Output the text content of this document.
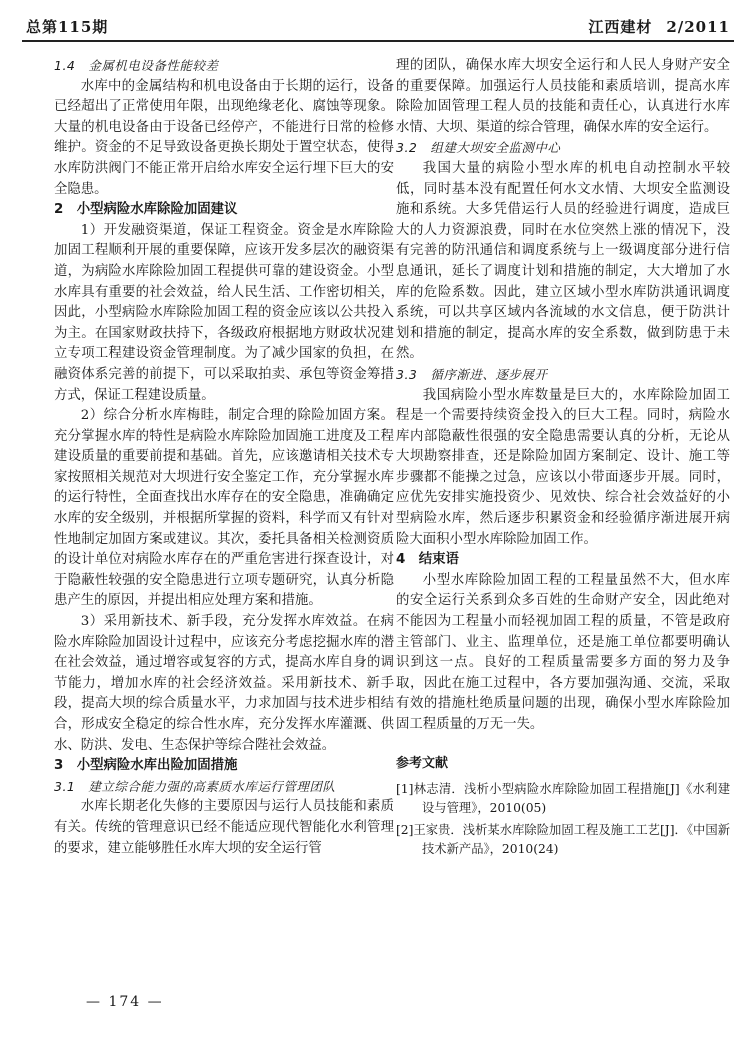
总第115期	江西建材 2/2011
1.4　金属机电设备性能较差

水库中的金属结构和机电设备由于长期的运行，设备已经超出了正常使用年限，出现绝缘老化、腐蚀等现象。大量的机电设备由于设备已经停产，不能进行日常的检修维护。资金的不足导致设备更换长期处于置空状态，使得水库防洪阀门不能正常开启给水库安全运行埋下巨大的安全隐患。

2　小型病险水库除险加固建议

1）开发融资渠道，保证工程资金。资金是水库除险加固工程顺利开展的重要保障，应该开发多层次的融资渠道，为病险水库除险加固工程提供可靠的建设资金。小型水库具有重要的社会效益，给人民生活、工作密切相关，因此，小型病险水库除险加固工程的资金应该以公共投入为主。在国家财政扶持下，各级政府根据地方财政状况建立专项工程建设资金管理制度。为了减少国家的负担，在融资体系完善的前提下，可以采取拍卖、承包等资金筹措方式，保证工程建设质量。

2）综合分析水库梅眭，制定合理的除险加固方案。充分掌握水库的特性是病险水库除险加固施工进度及工程建设质量的重要前提和基础。首先，应该邀请相关技术专家按照相关规范对大坝进行安全鉴定工作，充分掌握水库的运行特性，全面查找出水库存在的安全隐患，准确确定水库的安全级别，并根据所掌握的资料，科学而又有针对性地制定加固方案或建议。其次，委托具备相关检测资质的设计单位对病险水库存在的严重危害进行探查设计，对于隐蔽性较强的安全隐患进行立项专题研究，认真分析隐患产生的原因，并提出相应处理方案和措施。

3）采用新技术、新手段，充分发挥水库效益。在病险水库除险加固设计过程中，应该充分考虑挖掘水库的潜在社会效益，通过增容或复容的方式，提高水库自身的调节能力，增加水库的社会经济效益。采用新技术、新手段，提高大坝的综合质量水平，力求加固与技术进步相结合，形成安全稳定的综合性水库，充分发挥水库灌溉、供水、防洪、发电、生态保护等综合陛社会效益。

3　小型病险水库出险加固措施
3.1　建立综合能力强的高素质水库运行管理团队

水库长期老化失修的主要原因与运行人员技能和素质有关。传统的管理意识已经不能适应现代智能化水利管理的要求，建立能够胜任水库大坝的安全运行管

理的团队，确保水库大坝安全运行和人民人身财产安全的重要保障。加强运行人员技能和素质培训，提高水库除险加固管理工程人员的技能和责任心，认真进行水库水情、大坝、渠道的综合管理，确保水库的安全运行。

3.2　组建大坝安全监测中心

我国大量的病险小型水库的机电自动控制水平较低，同时基本没有配置任何水文水情、大坝安全监测设施和系统。大多凭借运行人员的经验进行调度，造成巨大的人力资源浪费，同时在水位突然上涨的情况下，没有完善的防汛通信和调度系统与上一级调度部分进行信息通讯，延长了调度计划和措施的制定，大大增加了水库的危险系数。因此，建立区域小型水库防洪通讯调度系统，可以共享区域内各流域的水文信息，便于防洪计划和措施的制定，提高水库的安全系数，做到防患于未然。

3.3　循序渐进、逐步展开

我国病险小型水库数量是巨大的，水库除险加固工程是一个需要持续资金投入的巨大工程。同时，病险水库内部隐蔽性很强的安全隐患需要认真的分析，无论从大坝勘察排查，还是除险加固方案制定、设计、施工等步骤都不能操之过急，应该以小带面逐步开展。同时，应优先安排实施投资少、见效快、综合社会效益好的小型病险水库，然后逐步积累资金和经验循序渐进展开病险大面积小型水库除险加固工作。

4　结束语

小型水库除险加固工程的工程量虽然不大，但水库的安全运行关系到众多百姓的生命财产安全，因此绝对不能因为工程量小而轻视加固工程的质量，不管是政府主管部门、业主、监理单位，还是施工单位都要明确认识到这一点。良好的工程质量需要多方面的努力及争取，因此在施工过程中，各方要加强沟通、交流，采取有效的措施杜绝质量问题的出现，确保小型水库除险加固工程质量的万无一失。

参考文献

[1]林志清．浅析小型病险水库除险加固工程措施[J]《水利建设与管理》，2010(05)

[2]王家贵．浅析某水库除险加固工程及施工工艺[J]．《中国新技术新产品》，2010(24)

— 174 —
